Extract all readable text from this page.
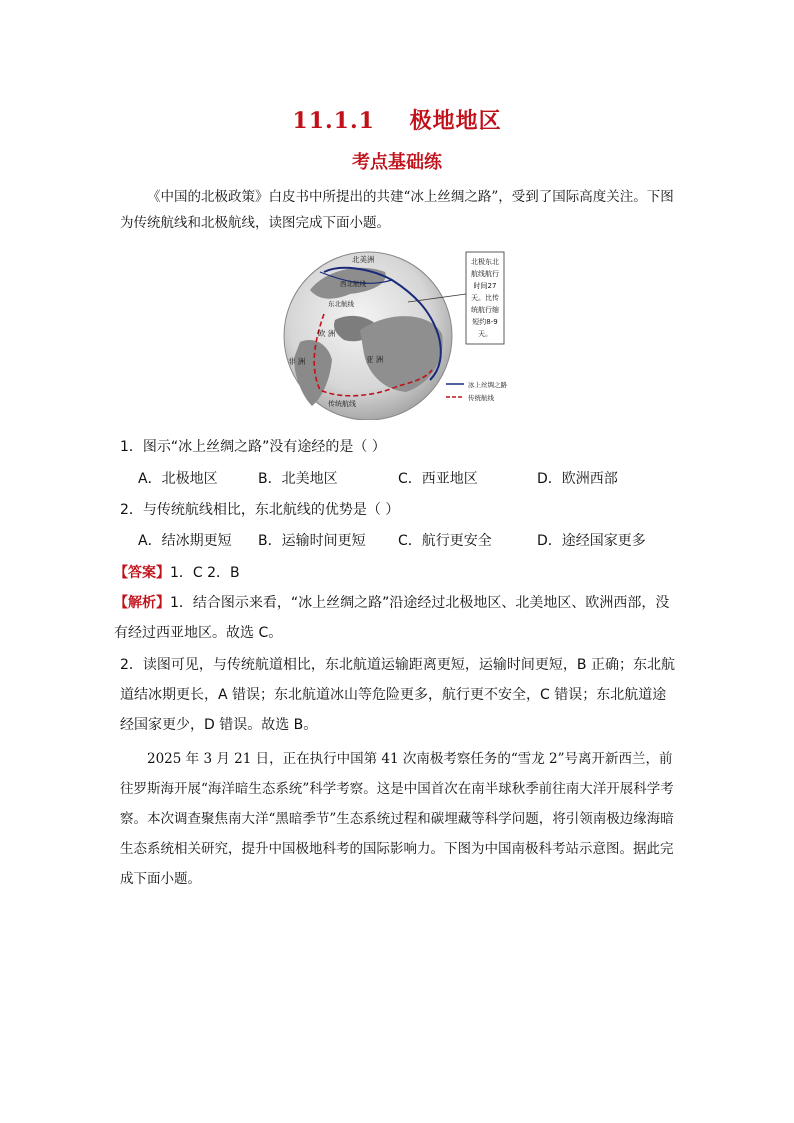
11.1.1    极地地区
考点基础练
《中国的北极政策》白皮书中所提出的共建“冰上丝绸之路”，受到了国际高度关注。下图为传统航线和北极航线，读图完成下面小题。
北极东北
航线航行
时间27
天。比传
统航行缩
短约8-9
天。
北美洲
西北航线
东北航线
欧 洲
非 洲	亚 洲
传统航线
冰上丝绸之路
传统航线
1．图示“冰上丝绸之路”没有途经的是（ ）
A．北极地区	B．北美地区	C．西亚地区	D．欧洲西部
2．与传统航线相比，东北航线的优势是（ ）
A．结冰期更短 B．运输时间更短 C．航行更安全	D．途经国家更多
【答案】1．C 2．B
【解析】1．结合图示来看，“冰上丝绸之路”沿途经过北极地区、北美地区、欧洲西部，没有经过西亚地区。故选 C。
2．读图可见，与传统航道相比，东北航道运输距离更短，运输时间更短，B 正确；东北航道结冰期更长，A 错误；东北航道冰山等危险更多，航行更不安全，C 错误；东北航道途经国家更少，D 错误。故选 B。
2025 年 3 月 21 日，正在执行中国第 41 次南极考察任务的“雪龙 2”号离开新西兰，前往罗斯海开展“海洋暗生态系统”科学考察。这是中国首次在南半球秋季前往南大洋开展科学考察。本次调查聚焦南大洋“黑暗季节”生态系统过程和碳埋藏等科学问题，将引领南极边缘海暗生态系统相关研究，提升中国极地科考的国际影响力。下图为中国南极科考站示意图。据此完成下面小题。
